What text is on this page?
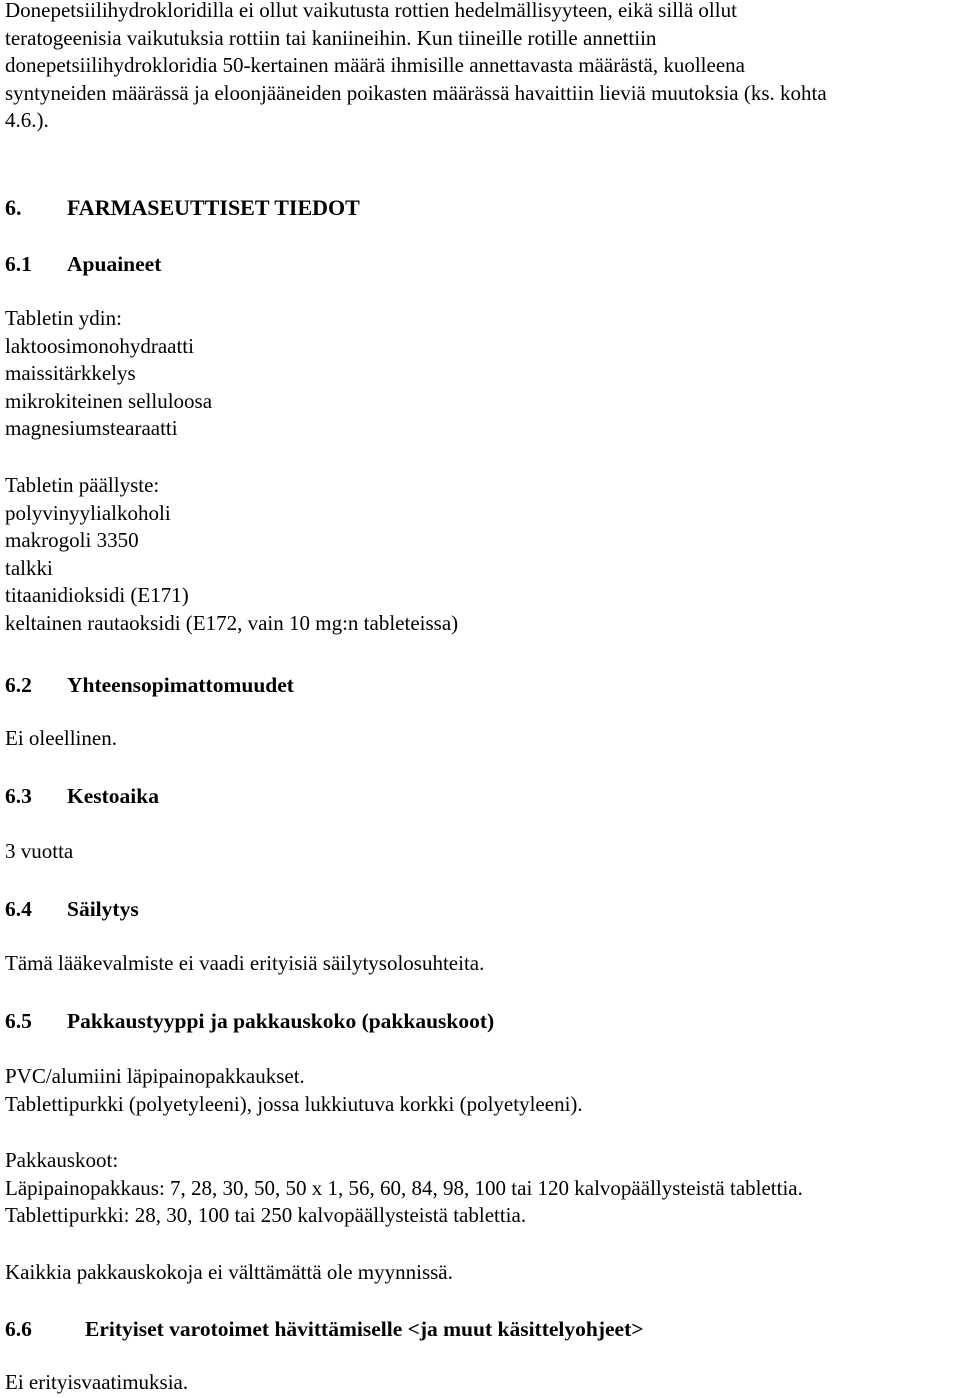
Donepetsiilihydrokloridilla ei ollut vaikutusta rottien hedelmällisyyteen, eikä sillä ollut
teratogeenisia vaikutuksia rottiin tai kaniineihin. Kun tiineille rotille annettiin
donepetsiilihydrokloridia 50-kertainen määrä ihmisille annettavasta määrästä, kuolleena
syntyneiden määrässä ja eloonjääneiden poikasten määrässä havaittiin lieviä muutoksia (ks. kohta
4.6.).
6. FARMASEUTTISET TIEDOT
6.1 Apuaineet
Tabletin ydin:
laktoosimonohydraatti
maissitärkkelys
mikrokiteinen selluloosa
magnesiumstearaatti
Tabletin päällyste:
polyvinyylialkoholi
makrogoli 3350
talkki
titaanidioksidi (E171)
keltainen rautaoksidi (E172, vain 10 mg:n tableteissa)
6.2 Yhteensopimattomuudet
Ei oleellinen.
6.3 Kestoaika
3 vuotta
6.4 Säilytys
Tämä lääkevalmiste ei vaadi erityisiä säilytysolosuhteita.
6.5 Pakkaustyyppi ja pakkauskoko (pakkauskoot)
PVC/alumiini läpipainopakkaukset.
Tablettipurkki (polyetyleeni), jossa lukkiutuva korkki (polyetyleeni).
Pakkauskoot:
Läpipainopakkaus: 7, 28, 30, 50, 50 x 1, 56, 60, 84, 98, 100 tai 120 kalvopäällysteistä tablettia.
Tablettipurkki: 28, 30, 100 tai 250 kalvopäällysteistä tablettia.
Kaikkia pakkauskokoja ei välttämättä ole myynnissä.
6.6 Erityiset varotoimet hävittämiselle <ja muut käsittelyohjeet>
Ei erityisvaatimuksia.
